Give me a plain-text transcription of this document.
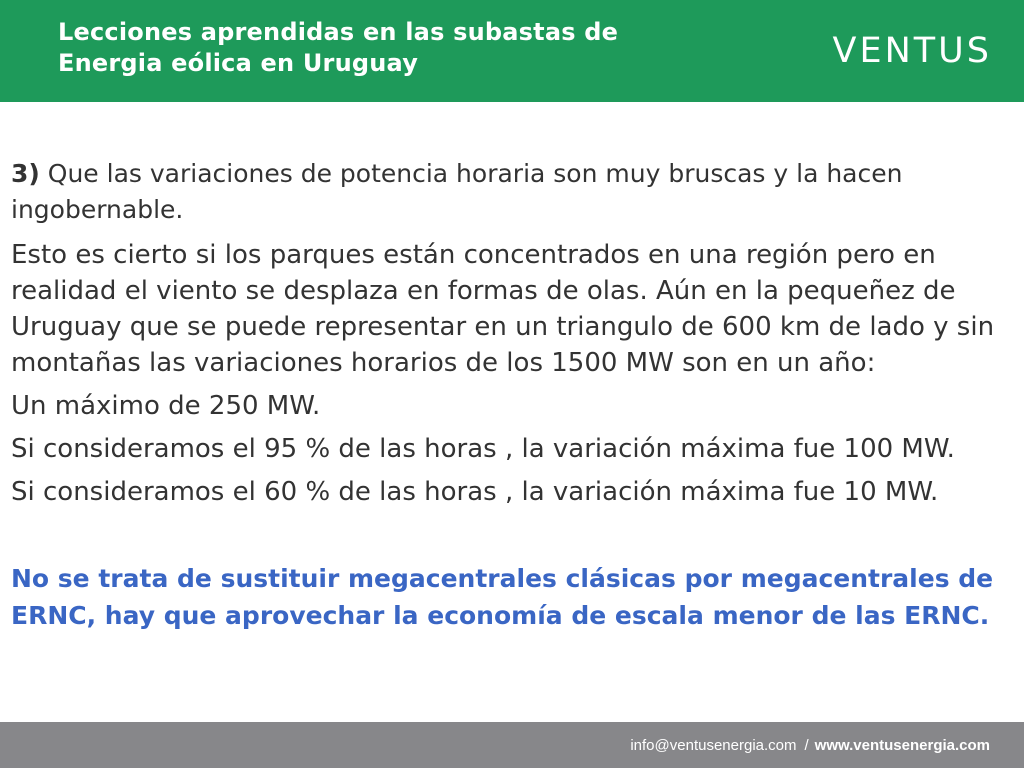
Lecciones aprendidas en las subastas de
Energia eólica en Uruguay	VENTUS

3) Que las variaciones de potencia horaria son muy bruscas y la hacen ingobernable.

Esto es cierto si los parques están concentrados en una región pero en realidad el viento se desplaza en formas de olas. Aún en la pequeñez de Uruguay que se puede representar en un triangulo de 600 km de lado y sin montañas las variaciones horarios de los 1500 MW son en un año:

Un máximo de 250 MW.

Si consideramos el 95 % de las horas , la variación máxima fue 100 MW.

Si consideramos el 60 % de las horas , la variación máxima fue 10 MW.

No se trata de sustituir megacentrales clásicas por megacentrales de ERNC, hay que aprovechar la economía de escala menor de las ERNC.

info@ventusenergia.com / www.ventusenergia.com
